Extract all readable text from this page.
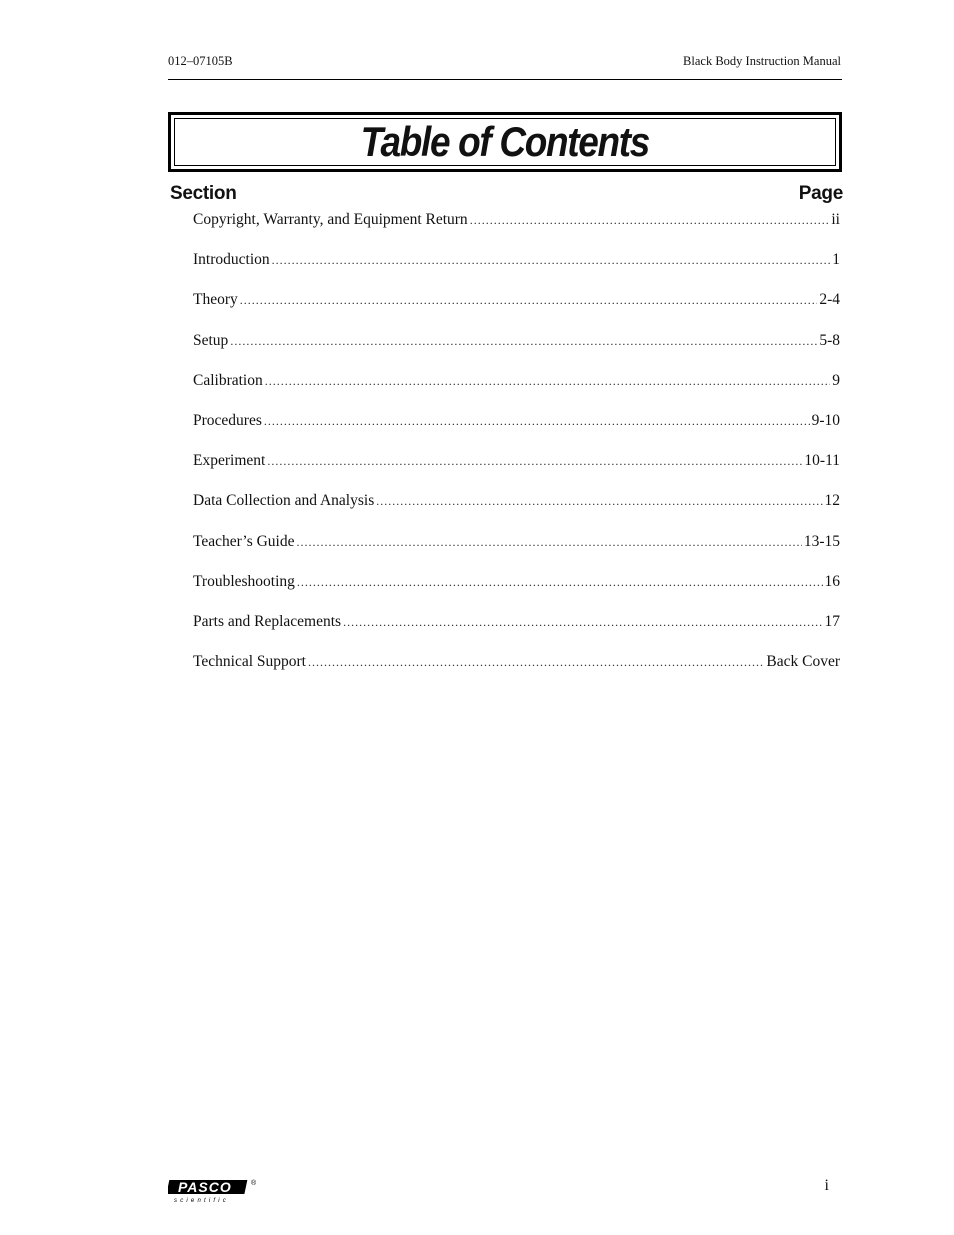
012–07105B	Black Body Instruction Manual
Table of Contents
Section	Page
Copyright, Warranty, and Equipment Return .....	ii
Introduction .....	1
Theory .....	2-4
Setup .....	5-8
Calibration .....	9
Procedures .....	9-10
Experiment .....	10-11
Data Collection and Analysis .....	12
Teacher’s Guide .....	13-15
Troubleshooting .....	16
Parts and Replacements .....	17
Technical Support .....	Back Cover
PASCO
scientific
®	i
